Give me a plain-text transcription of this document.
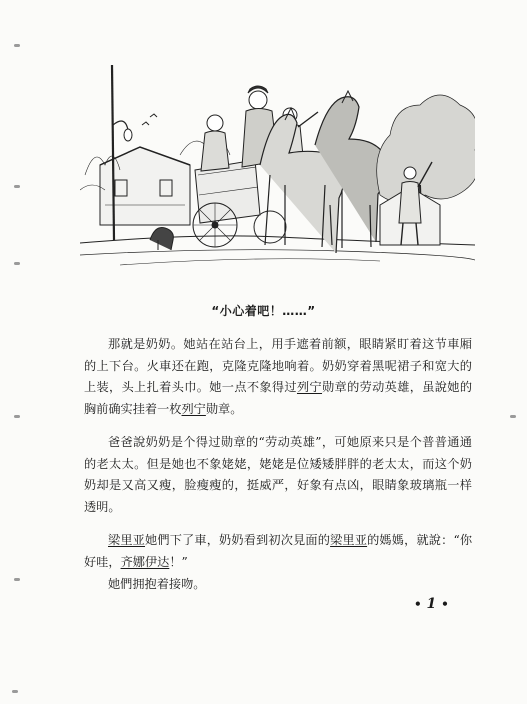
“小心着吧！……”

那就是奶奶。她站在站台上，用手遮着前额，眼睛紧盯着这节車厢的上下台。火車还在跑，克隆克隆地响着。奶奶穿着黑呢裙子和宽大的上装，头上扎着头巾。她一点不象得过列宁勋章的劳动英雄，虽說她的胸前确实挂着一枚列宁勋章。

爸爸說奶奶是个得过勋章的“劳动英雄”，可她原来只是个普普通通的老太太。但是她也不象姥姥，姥姥是位矮矮胖胖的老太太，而这个奶奶却是又高又瘦，脸瘦瘦的，挺威严，好象有点凶，眼睛象玻璃瓶一样透明。

梁里亚她們下了車，奶奶看到初次見面的梁里亚的媽媽，就說：“你好哇，齐娜伊达！”

她們拥抱着接吻。

• 1 •
